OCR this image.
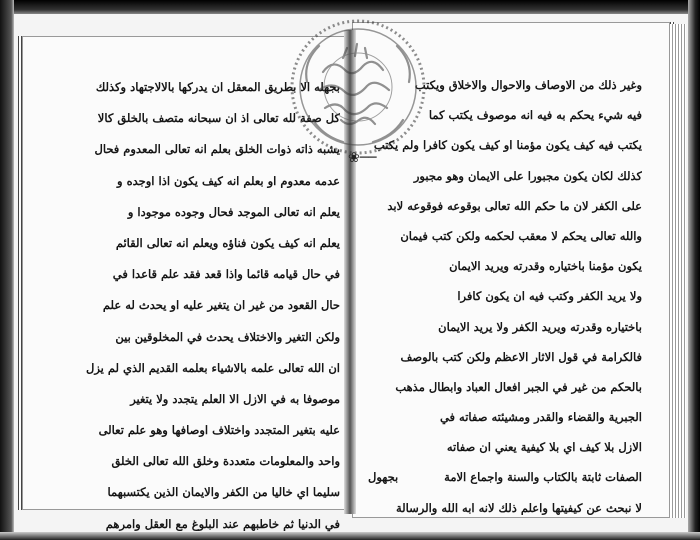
بجهله الا بطريق المعقل ان يدركها بالالاجتهاد وكذلك
كل صفة لله تعالى اذ ان سبحانه متصف بالخلق كالا
يشبه ذاته ذوات الخلق بعلم انه تعالى المعدوم فحال
عدمه معدوم او بعلم انه كيف يكون اذا اوجده و
يعلم انه تعالى الموجد فحال وجوده موجودا و
يعلم انه كيف يكون فناؤه ويعلم انه تعالى القائم
في حال قيامه قائما واذا قعد فقد علم قاعدا في
حال القعود من غير ان يتغير عليه او يحدث له علم
ولكن التغير والاختلاف يحدث في المخلوقين بين
ان الله تعالى علمه بالاشياء بعلمه القديم الذي لم يزل
موصوفا به في الازل الا العلم يتجدد ولا يتغير
عليه بتغير المتجدد واختلاف اوصافها وهو علم تعالى
واحد والمعلومات متعددة وخلق الله تعالى الخلق
سليما اي خاليا من الكفر والايمان الذين يكتسبهما
في الدنيا ثم خاطبهم عند البلوغ مع العقل وامرهم
وغير ذلك من الاوصاف والاحوال والاخلاق ويكتب
فيه شيء يحكم به فيه انه موصوف يكتب كما
يكتب فيه كيف يكون مؤمنا او كيف يكون كافرا ولم يكتب
كذلك لكان يكون مجبورا على الايمان وهو مجبور
على الكفر لان ما حكم الله تعالى بوقوعه فوقوعه لابد
والله تعالى يحكم لا معقب لحكمه ولكن كتب فيمان
يكون مؤمنا باختياره وقدرته ويريد الايمان
ولا يريد الكفر وكتب فيه ان يكون كافرا
باختياره وقدرته ويريد الكفر ولا يريد الايمان
فالكرامة في قول الاثار الاعظم ولكن كتب بالوصف
بالحكم من غير في الجبر افعال العباد وابطال مذهب
الجبرية والقضاء والقدر ومشيئته صفاته في
الازل بلا كيف اي بلا كيفية يعني ان صفاته
الصفات ثابتة بالكتاب والسنة واجماع الامة
لا نبحث عن كيفيتها واعلم ذلك لانه ابه الله والرسالة
❀──
بجهول
